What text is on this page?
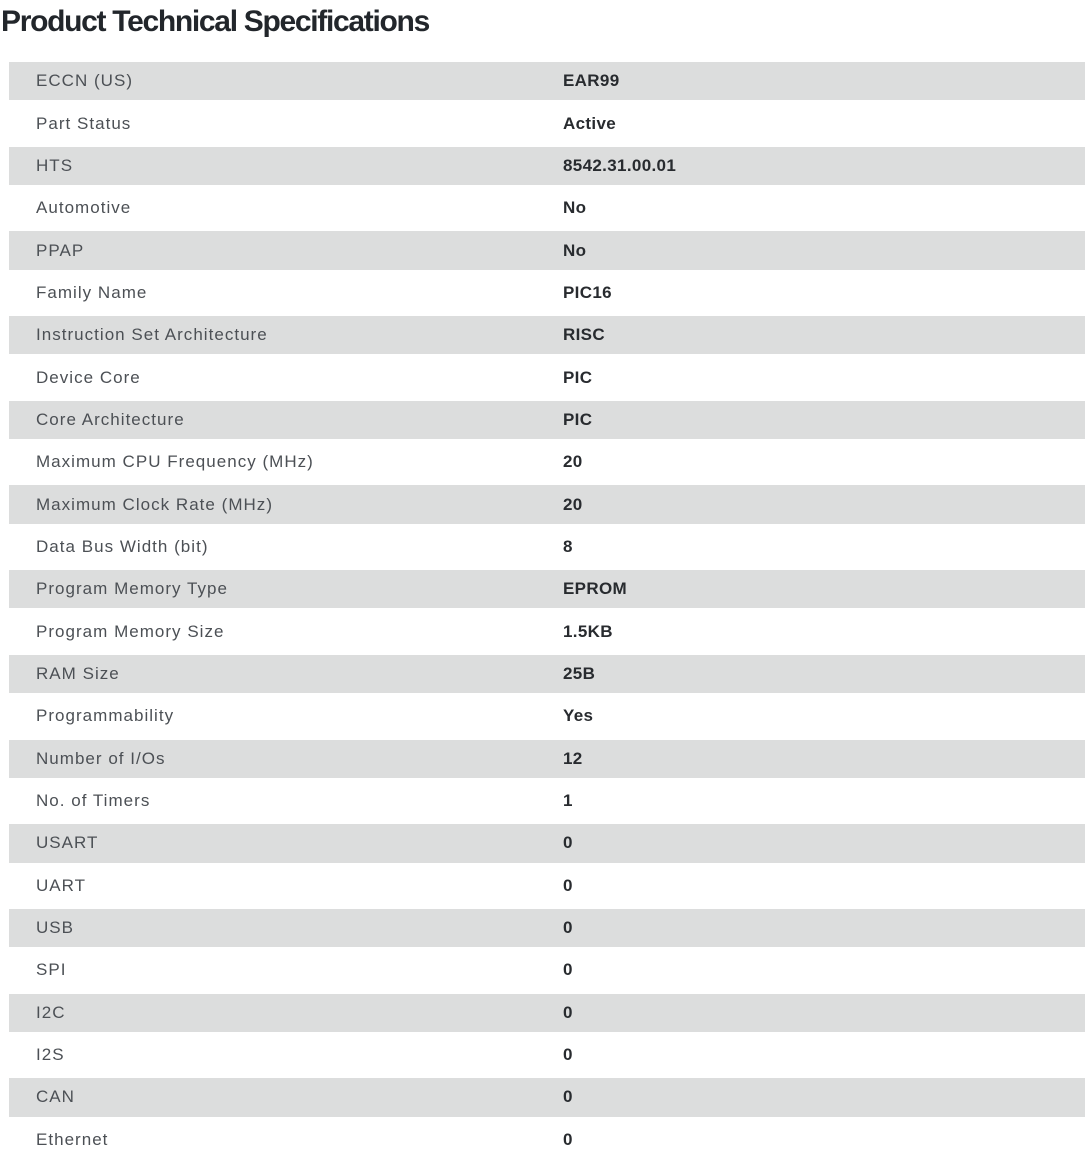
Product Technical Specifications
ECCN (US)	EAR99
Part Status	Active
HTS	8542.31.00.01
Automotive	No
PPAP	No
Family Name	PIC16
Instruction Set Architecture	RISC
Device Core	PIC
Core Architecture	PIC
Maximum CPU Frequency (MHz)	20
Maximum Clock Rate (MHz)	20
Data Bus Width (bit)	8
Program Memory Type	EPROM
Program Memory Size	1.5KB
RAM Size	25B
Programmability	Yes
Number of I/Os	12
No. of Timers	1
USART	0
UART	0
USB	0
SPI	0
I2C	0
I2S	0
CAN	0
Ethernet	0
